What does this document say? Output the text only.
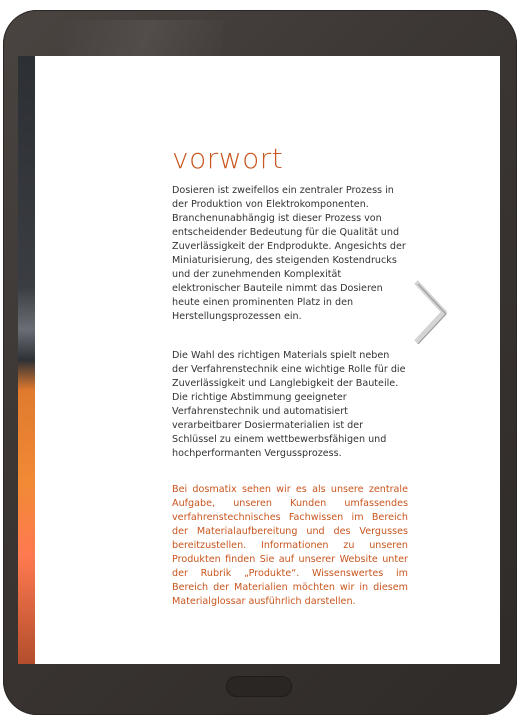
vorwort

Dosieren ist zweifellos ein zentraler Prozess in der Produktion von Elektrokomponenten. Branchenunabhängig ist dieser Prozess von entscheidender Bedeutung für die Qualität und Zuverlässigkeit der Endprodukte. Angesichts der Miniaturisierung, des steigenden Kostendrucks und der zunehmenden Komplexität elektronischer Bauteile nimmt das Dosieren heute einen prominenten Platz in den Herstellungsprozessen ein.

Die Wahl des richtigen Materials spielt neben der Verfahrenstechnik eine wichtige Rolle für die Zuverlässigkeit und Langlebigkeit der Bauteile. Die richtige Abstimmung geeigneter Verfahrenstechnik und automatisiert verarbeitbarer Dosiermaterialien ist der Schlüssel zu einem wettbewerbsfähigen und hochperformanten Vergussprozess.

Bei dosmatix sehen wir es als unsere zentrale Aufgabe, unseren Kunden umfassendes verfahrenstechnisches Fachwissen im Bereich der Materialaufbereitung und des Vergusses bereitzustellen. Informationen zu unseren Produkten finden Sie auf unserer Website unter der Rubrik „Produkte“. Wissenswertes im Bereich der Materialien möchten wir in diesem Materialglossar ausführlich darstellen.
